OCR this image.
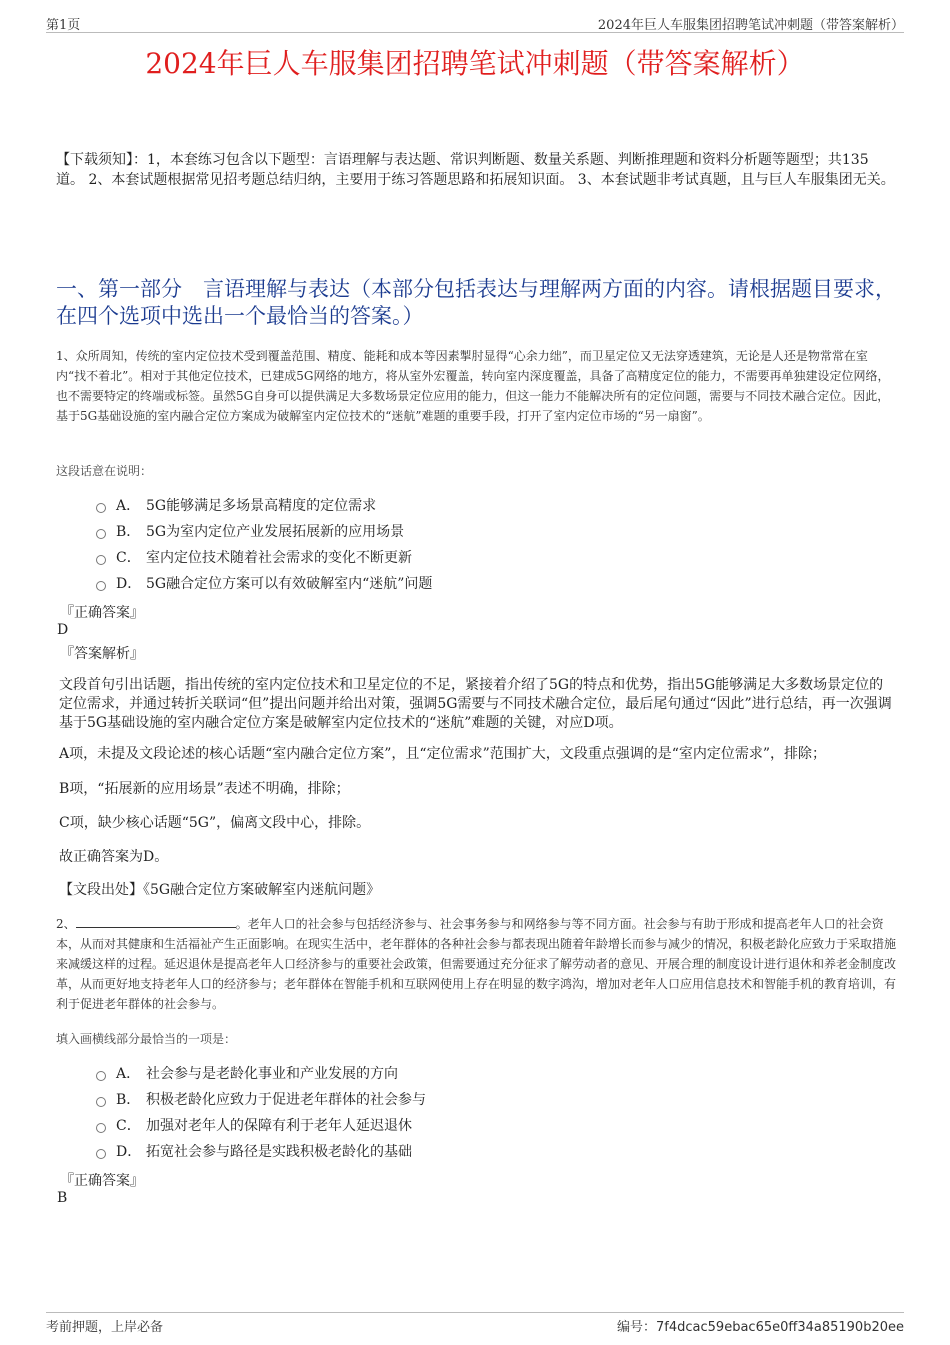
第1页	2024年巨人车服集团招聘笔试冲刺题（带答案解析）
2024年巨人车服集团招聘笔试冲刺题（带答案解析）
【下载须知】：1，本套练习包含以下题型：言语理解与表达题、常识判断题、数量关系题、判断推理题和资料分析题等题型；共135道。 2、本套试题根据常见招考题总结归纳，主要用于练习答题思路和拓展知识面。 3、本套试题非考试真题，且与巨人车服集团无关。
一、第一部分　言语理解与表达（本部分包括表达与理解两方面的内容。请根据题目要求，在四个选项中选出一个最恰当的答案。）
1、众所周知，传统的室内定位技术受到覆盖范围、精度、能耗和成本等因素掣肘显得“心余力绌”，而卫星定位又无法穿透建筑，无论是人还是物常常在室内“找不着北”。相对于其他定位技术，已建成5G网络的地方，将从室外宏覆盖，转向室内深度覆盖，具备了高精度定位的能力，不需要再单独建设定位网络，也不需要特定的终端或标签。虽然5G自身可以提供满足大多数场景定位应用的能力，但这一能力不能解决所有的定位问题，需要与不同技术融合定位。因此，基于5G基础设施的室内融合定位方案成为破解室内定位技术的“迷航”难题的重要手段，打开了室内定位市场的“另一扇窗”。
这段话意在说明：
A． 5G能够满足多场景高精度的定位需求
B． 5G为室内定位产业发展拓展新的应用场景
C． 室内定位技术随着社会需求的变化不断更新
D． 5G融合定位方案可以有效破解室内“迷航”问题
『正确答案』
D
『答案解析』
文段首句引出话题，指出传统的室内定位技术和卫星定位的不足，紧接着介绍了5G的特点和优势，指出5G能够满足大多数场景定位的定位需求，并通过转折关联词“但”提出问题并给出对策，强调5G需要与不同技术融合定位，最后尾句通过“因此”进行总结，再一次强调基于5G基础设施的室内融合定位方案是破解室内定位技术的“迷航”难题的关键，对应D项。
A项，未提及文段论述的核心话题“室内融合定位方案”，且“定位需求”范围扩大，文段重点强调的是“室内定位需求”，排除；
B项，“拓展新的应用场景”表述不明确，排除；
C项，缺少核心话题“5G”，偏离文段中心，排除。
故正确答案为D。
【文段出处】《5G融合定位方案破解室内迷航问题》
2、	。老年人口的社会参与包括经济参与、社会事务参与和网络参与等不同方面。社会参与有助于形成和提高老年人口的社会资本，从而对其健康和生活福祉产生正面影响。在现实生活中，老年群体的各种社会参与都表现出随着年龄增长而参与减少的情况，积极老龄化应致力于采取措施来减缓这样的过程。延迟退休是提高老年人口经济参与的重要社会政策，但需要通过充分征求了解劳动者的意见、开展合理的制度设计进行退休和养老金制度改革，从而更好地支持老年人口的经济参与；老年群体在智能手机和互联网使用上存在明显的数字鸿沟，增加对老年人口应用信息技术和智能手机的教育培训，有利于促进老年群体的社会参与。
填入画横线部分最恰当的一项是：
A． 社会参与是老龄化事业和产业发展的方向
B． 积极老龄化应致力于促进老年群体的社会参与
C． 加强对老年人的保障有利于老年人延迟退休
D． 拓宽社会参与路径是实践积极老龄化的基础
『正确答案』
B
考前押题，上岸必备	编号：7f4dcac59ebac65e0ff34a85190b20ee
